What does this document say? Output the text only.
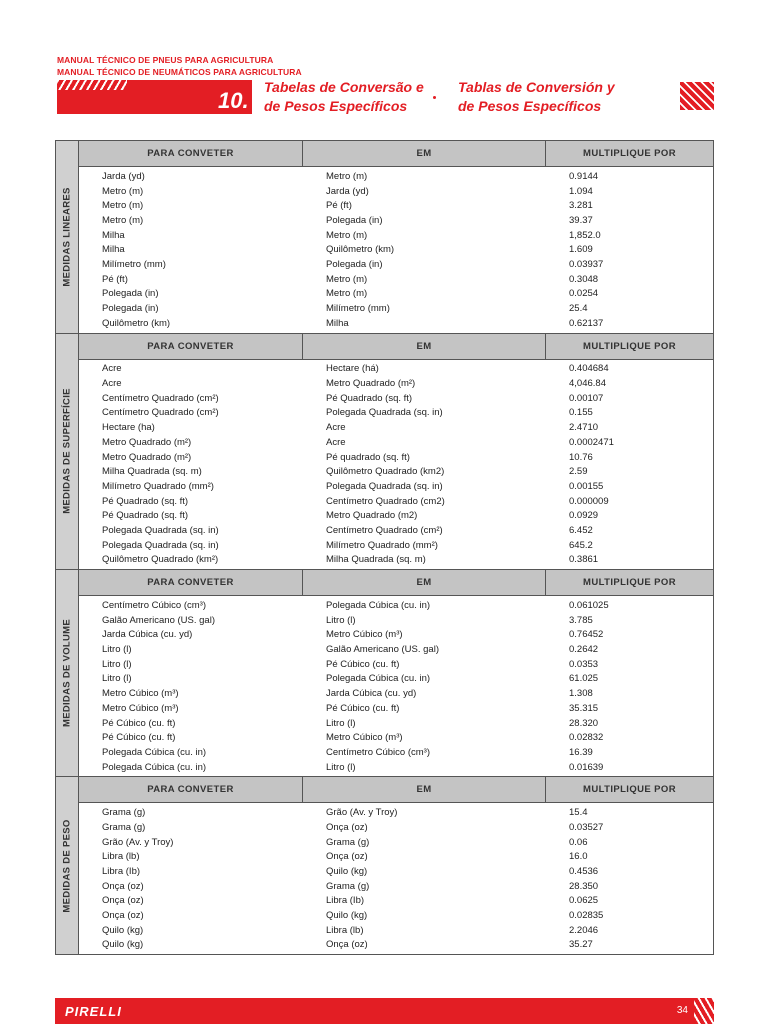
MANUAL TÉCNICO DE PNEUS PARA AGRICULTURA
MANUAL TÉCNICO DE NEUMÁTICOS PARA AGRICULTURA
10.
Tabelas de Conversão e
de Pesos Específicos
Tablas de Conversión y
de Pesos Específicos
MEDIDAS LINEARES
PARA CONVETER	EM	MULTIPLIQUE POR
Jarda (yd)	Metro (m)	0.9144
Metro (m)	Jarda (yd)	1.094
Metro (m)	Pé (ft)	3.281
Metro (m)	Polegada (in)	39.37
Milha	Metro (m)	1,852.0
Milha	Quilômetro (km)	1.609
Milímetro (mm)	Polegada (in)	0.03937
Pé (ft)	Metro (m)	0.3048
Polegada (in)	Metro (m)	0.0254
Polegada (in)	Milímetro (mm)	25.4
Quilômetro (km)	Milha	0.62137
MEDIDAS DE SUPERFÍCIE
PARA CONVETER	EM	MULTIPLIQUE POR
Acre	Hectare (há)	0.404684
Acre	Metro Quadrado (m²)	4,046.84
Centímetro Quadrado (cm²)	Pé Quadrado (sq. ft)	0.00107
Centímetro Quadrado (cm²)	Polegada Quadrada (sq. in)	0.155
Hectare (ha)	Acre	2.4710
Metro Quadrado (m²)	Acre	0.0002471
Metro Quadrado (m²)	Pé quadrado (sq. ft)	10.76
Milha Quadrada (sq. m)	Quilômetro Quadrado (km2)	2.59
Milímetro Quadrado (mm²)	Polegada Quadrada (sq. in)	0.00155
Pé Quadrado (sq. ft)	Centímetro Quadrado (cm2)	0.000009
Pé Quadrado (sq. ft)	Metro Quadrado (m2)	0.0929
Polegada Quadrada (sq. in)	Centímetro Quadrado (cm²)	6.452
Polegada Quadrada (sq. in)	Milímetro Quadrado (mm²)	645.2
Quilômetro Quadrado (km²)	Milha Quadrada (sq. m)	0.3861
MEDIDAS DE VOLUME
PARA CONVETER	EM	MULTIPLIQUE POR
Centímetro Cúbico (cm³)	Polegada Cúbica (cu. in)	0.061025
Galão Americano (US. gal)	Litro (l)	3.785
Jarda Cúbica (cu. yd)	Metro Cúbico (m³)	0.76452
Litro (l)	Galão Americano (US. gal)	0.2642
Litro (l)	Pé Cúbico (cu. ft)	0.0353
Litro (l)	Polegada Cúbica (cu. in)	61.025
Metro Cúbico (m³)	Jarda Cúbica (cu. yd)	1.308
Metro Cúbico (m³)	Pé Cúbico (cu. ft)	35.315
Pé Cúbico (cu. ft)	Litro (l)	28.320
Pé Cúbico (cu. ft)	Metro Cúbico (m³)	0.02832
Polegada Cúbica (cu. in)	Centímetro Cúbico (cm³)	16.39
Polegada Cúbica (cu. in)	Litro (l)	0.01639
MEDIDAS DE PESO
PARA CONVETER	EM	MULTIPLIQUE POR
Grama (g)	Grão (Av. y Troy)	15.4
Grama (g)	Onça (oz)	0.03527
Grão (Av. y Troy)	Grama (g)	0.06
Libra (lb)	Onça (oz)	16.0
Libra (Ib)	Quilo (kg)	0.4536
Onça (oz)	Grama (g)	28.350
Onça (oz)	Libra (Ib)	0.0625
Onça (oz)	Quilo (kg)	0.02835
Quilo (kg)	Libra (lb)	2.2046
Quilo (kg)	Onça (oz)	35.27
PIRELLI	34
